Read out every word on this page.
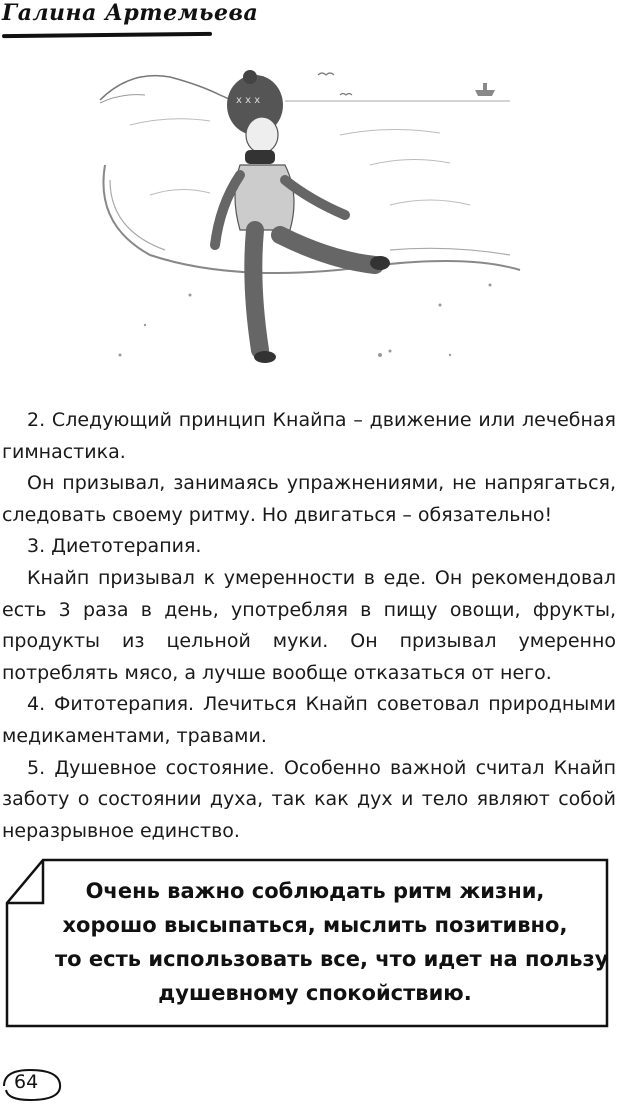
Галина Артемьева
x x x

2. Следующий принцип Кнайпа – движение или лечебная гимнастика.

Он призывал, занимаясь упражнениями, не напрягаться, следовать своему ритму. Но двигаться – обязательно!

3. Диетотерапия.

Кнайп призывал к умеренности в еде. Он рекомендовал есть 3 раза в день, употребляя в пищу овощи, фрукты, продукты из цельной муки. Он призывал умеренно потреблять мясо, а лучше вообще отказаться от него.

4. Фитотерапия. Лечиться Кнайп советовал природными медикаментами, травами.

5. Душевное состояние. Особенно важной считал Кнайп заботу о состоянии духа, так как дух и тело являют собой неразрывное единство.

Очень важно соблюдать ритм жизни,
хорошо высыпаться, мыслить позитивно,
то есть использовать все, что идет на пользу
душевному спокойствию.
64
